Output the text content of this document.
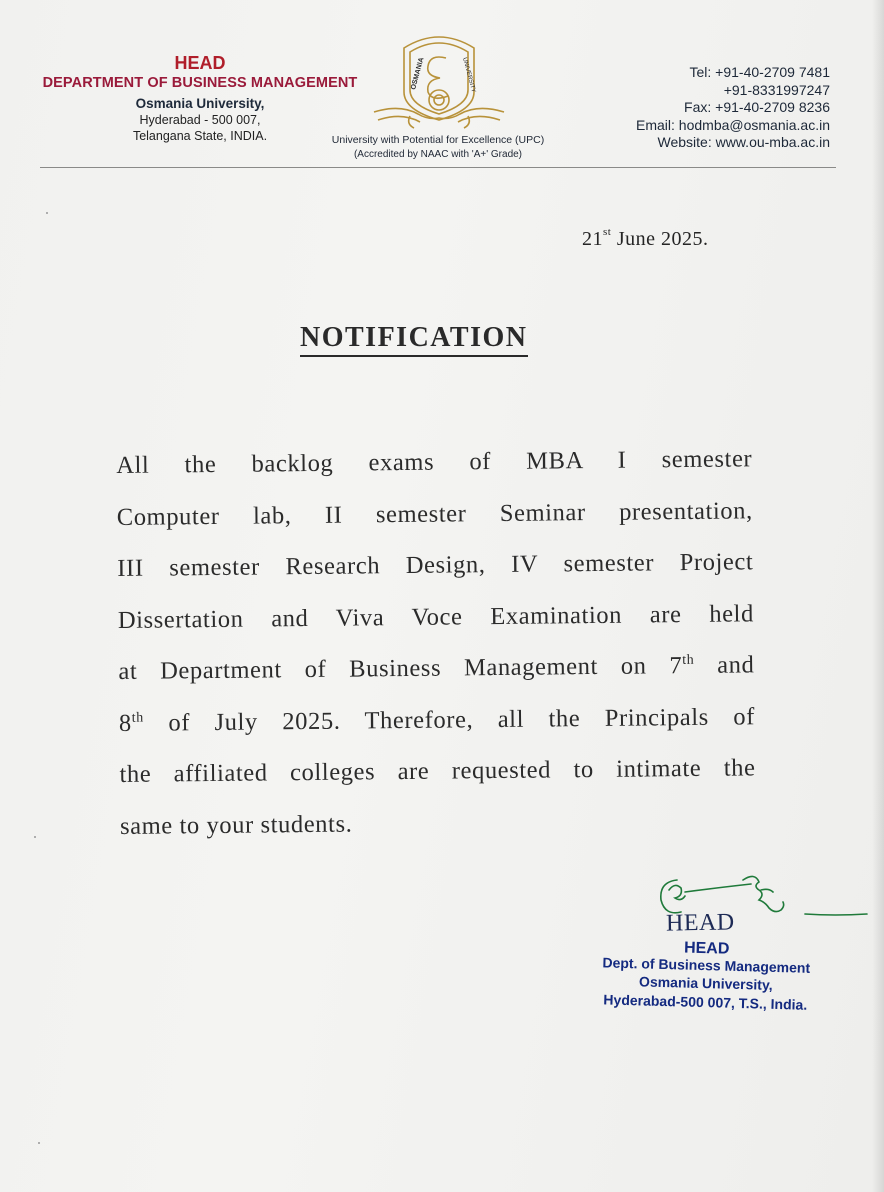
HEAD
DEPARTMENT OF BUSINESS MANAGEMENT
Osmania University,
Hyderabad - 500 007,
Telangana State, INDIA.
OSMANIA	UNIVERSITY
University with Potential for Excellence (UPC)
(Accredited by NAAC with 'A+' Grade)
Tel: +91-40-2709 7481
+91-8331997247
Fax: +91-40-2709 8236
Email: hodmba@osmania.ac.in
Website: www.ou-mba.ac.in
21st June 2025.
NOTIFICATION
All the backlog exams of MBA I semester
Computer lab, II semester Seminar presentation,
III semester Research Design, IV semester Project
Dissertation and Viva Voce Examination are held
at Department of Business Management on 7th and
8th of July 2025. Therefore, all the Principals of
the affiliated colleges are requested to intimate the
same to your students.
HEAD
HEAD
Dept. of Business Management
Osmania University,
Hyderabad-500 007, T.S., India.
